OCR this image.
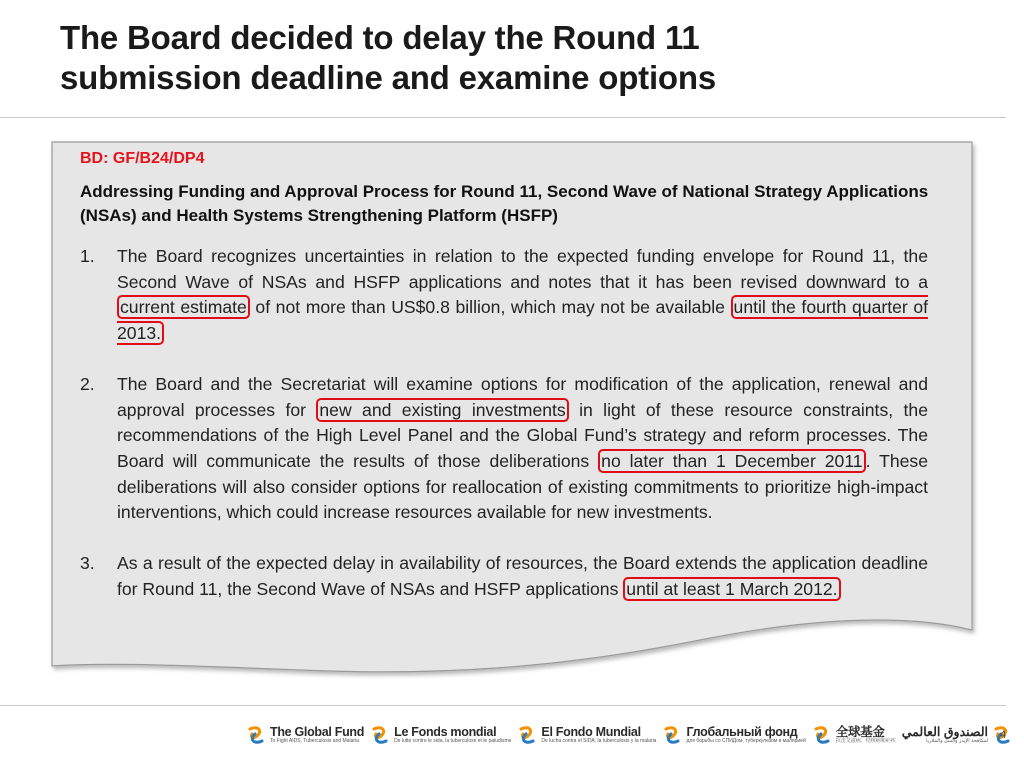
The Board decided to delay the Round 11
submission deadline and examine options
BD: GF/B24/DP4
Addressing Funding and Approval Process for Round 11, Second Wave of National Strategy Applications (NSAs) and Health Systems Strengthening Platform (HSFP)
1. The Board recognizes uncertainties in relation to the expected funding envelope for Round 11, the Second Wave of NSAs and HSFP applications and notes that it has been revised downward to a current estimate of not more than US$0.8 billion, which may not be available until the fourth quarter of 2013.
2. The Board and the Secretariat will examine options for modification of the application, renewal and approval processes for new and existing investments in light of these resource constraints, the recommendations of the High Level Panel and the Global Fund’s strategy and reform processes. The Board will communicate the results of those deliberations no later than 1 December 2011 . These deliberations will also consider options for reallocation of existing commitments to prioritize high-impact interventions, which could increase resources available for new investments.
3. As a result of the expected delay in availability of resources, the Board extends the application deadline for Round 11, the Second Wave of NSAs and HSFP applications until at least 1 March 2012.
The Global Fund
To Fight AIDS, Tuberculosis and Malaria
Le Fonds mondial
De lutte contre le sida, la tuberculose et le paludisme
El Fondo Mundial
De lucha contra el SIDA, la tuberculosis y la malaria
Глобальный фонд
для борьбы со СПИДом, туберкулезом и малярией
全球基金
抗击艾滋病、结核病和疟疾
الصندوق العالمي
لمكافحة الإيدز والسل والملاريا
4
